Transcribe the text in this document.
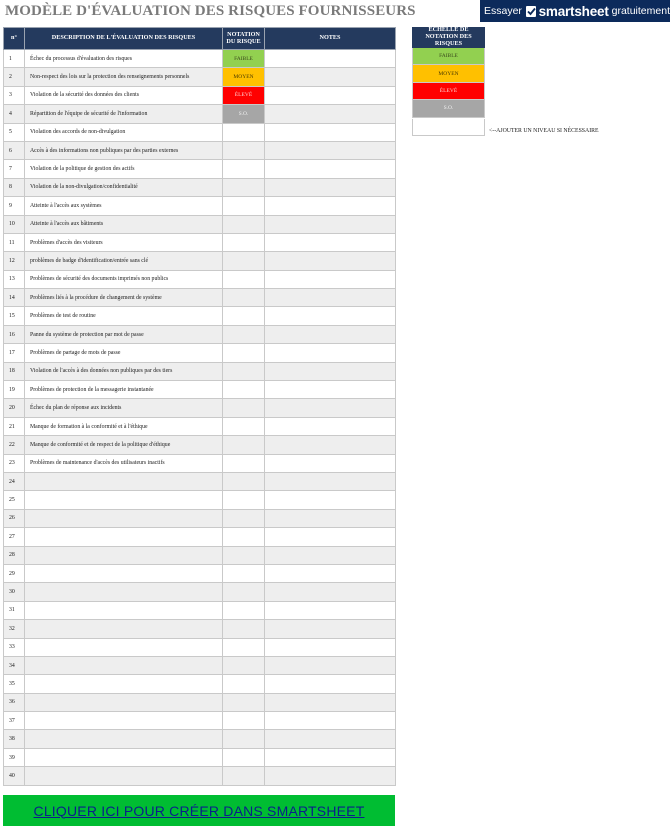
MODÈLE D'ÉVALUATION DES RISQUES FOURNISSEURS	Essayer smartsheet gratuitement
n°	DESCRIPTION DE L'ÉVALUATION DES RISQUES	NOTATION DU RISQUE	NOTES
1	Échec du processus d'évaluation des risques	FAIBLE	
2	Non-respect des lois sur la protection des renseignements personnels	MOYEN	
3	Violation de la sécurité des données des clients	ÉLEVÉ	
4	Répartition de l'équipe de sécurité de l'information	S.O.	
5	Violation des accords de non-divulgation		
6	Accès à des informations non publiques par des parties externes		
7	Violation de la politique de gestion des actifs		
8	Violation de la non-divulgation/confidentialité		
9	Atteinte à l'accès aux systèmes		
10	Atteinte à l'accès aux bâtiments		
11	Problèmes d'accès des visiteurs		
12	problèmes de badge d'identification/entrée sans clé		
13	Problèmes de sécurité des documents imprimés non publics		
14	Problèmes liés à la procédure de changement de système		
15	Problèmes de test de routine		
16	Panne du système de protection par mot de passe		
17	Problèmes de partage de mots de passe		
18	Violation de l'accès à des données non publiques par des tiers		
19	Problèmes de protection de la messagerie instantanée		
20	Échec du plan de réponse aux incidents		
21	Manque de formation à la conformité et à l'éthique		
22	Manque de conformité et de respect de la politique d'éthique		
23	Problèmes de maintenance d'accès des utilisateurs inactifs		
24			
25			
26			
27			
28			
29			
30			
31			
32			
33			
34			
35			
36			
37			
38			
39			
40			
ÉCHELLE DE NOTATION DES RISQUES
FAIBLE
MOYEN
ÉLEVÉ
S.O.
<--AJOUTER UN NIVEAU SI NÉCESSAIRE
CLIQUER ICI POUR CRÉER DANS SMARTSHEET
